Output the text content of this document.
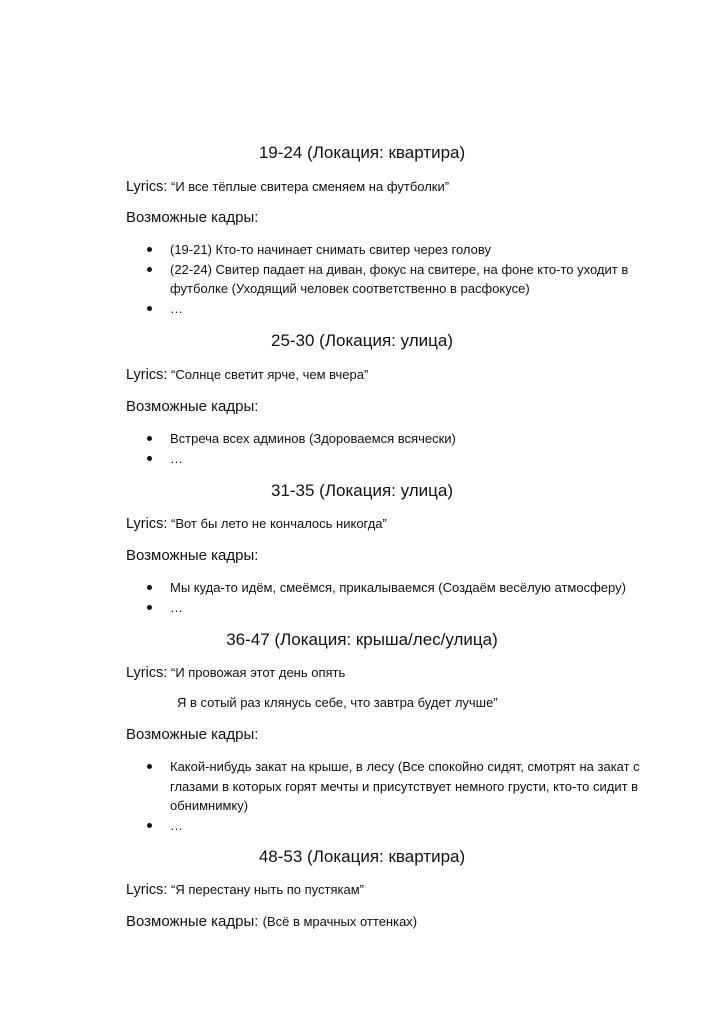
19-24 (Локация: квартира)
Lyrics: “И все тёплые свитера сменяем на футболки”
Возможные кадры:
(19-21) Кто-то начинает снимать свитер через голову
(22-24) Свитер падает на диван, фокус на свитере, на фоне кто-то уходит в футболке (Уходящий человек соответственно в расфокусе)
…
25-30 (Локация: улица)
Lyrics: “Солнце светит ярче, чем вчера”
Возможные кадры:
Встреча всех админов (Здороваемся всячески)
…
31-35 (Локация: улица)
Lyrics: “Вот бы лето не кончалось никогда”
Возможные кадры:
Мы куда-то идём, смеёмся, прикалываемся (Создаём весёлую атмосферу)
…
36-47 (Локация: крыша/лес/улица)
Lyrics: “И провожая этот день опять
Я в сотый раз клянусь себе, что завтра будет лучше”
Возможные кадры:
Какой-нибудь закат на крыше, в лесу (Все спокойно сидят, смотрят на закат с глазами в которых горят мечты и присутствует немного грусти, кто-то сидит в обнимнимку)
…
48-53 (Локация: квартира)
Lyrics: “Я перестану ныть по пустякам”
Возможные кадры: (Всё в мрачных оттенках)
